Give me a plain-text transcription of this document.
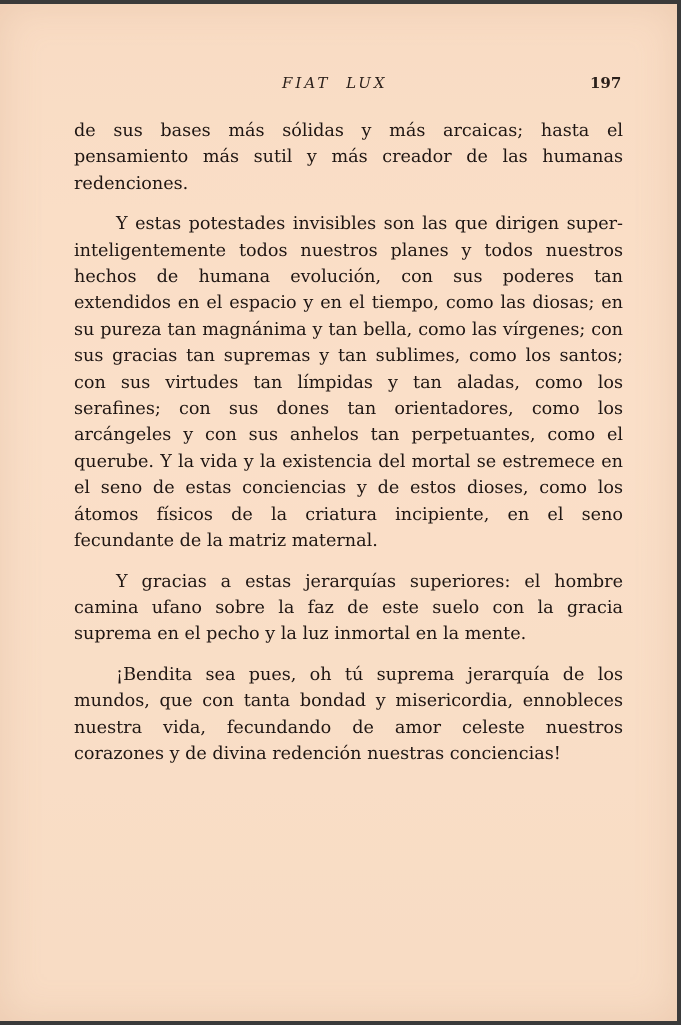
FIAT LUX	197

de sus bases más sólidas y más arcaicas; hasta el pensamiento más sutil y más creador de las humanas redenciones.

Y estas potestades invisibles son las que dirigen super-inteligentemente todos nuestros planes y todos nuestros hechos de humana evolución, con sus poderes tan extendidos en el espacio y en el tiempo, como las diosas; en su pureza tan magnánima y tan bella, como las vírgenes; con sus gracias tan supremas y tan sublimes, como los santos; con sus virtudes tan límpidas y tan aladas, como los serafines; con sus dones tan orientadores, como los arcángeles y con sus anhelos tan perpetuantes, como el querube. Y la vida y la existencia del mortal se estremece en el seno de estas conciencias y de estos dioses, como los átomos físicos de la criatura incipiente, en el seno fecundante de la matriz maternal.

Y gracias a estas jerarquías superiores: el hombre camina ufano sobre la faz de este suelo con la gracia suprema en el pecho y la luz inmortal en la mente.

¡Bendita sea pues, oh tú suprema jerarquía de los mundos, que con tanta bondad y misericordia, ennobleces nuestra vida, fecundando de amor celeste nuestros corazones y de divina redención nuestras conciencias!
